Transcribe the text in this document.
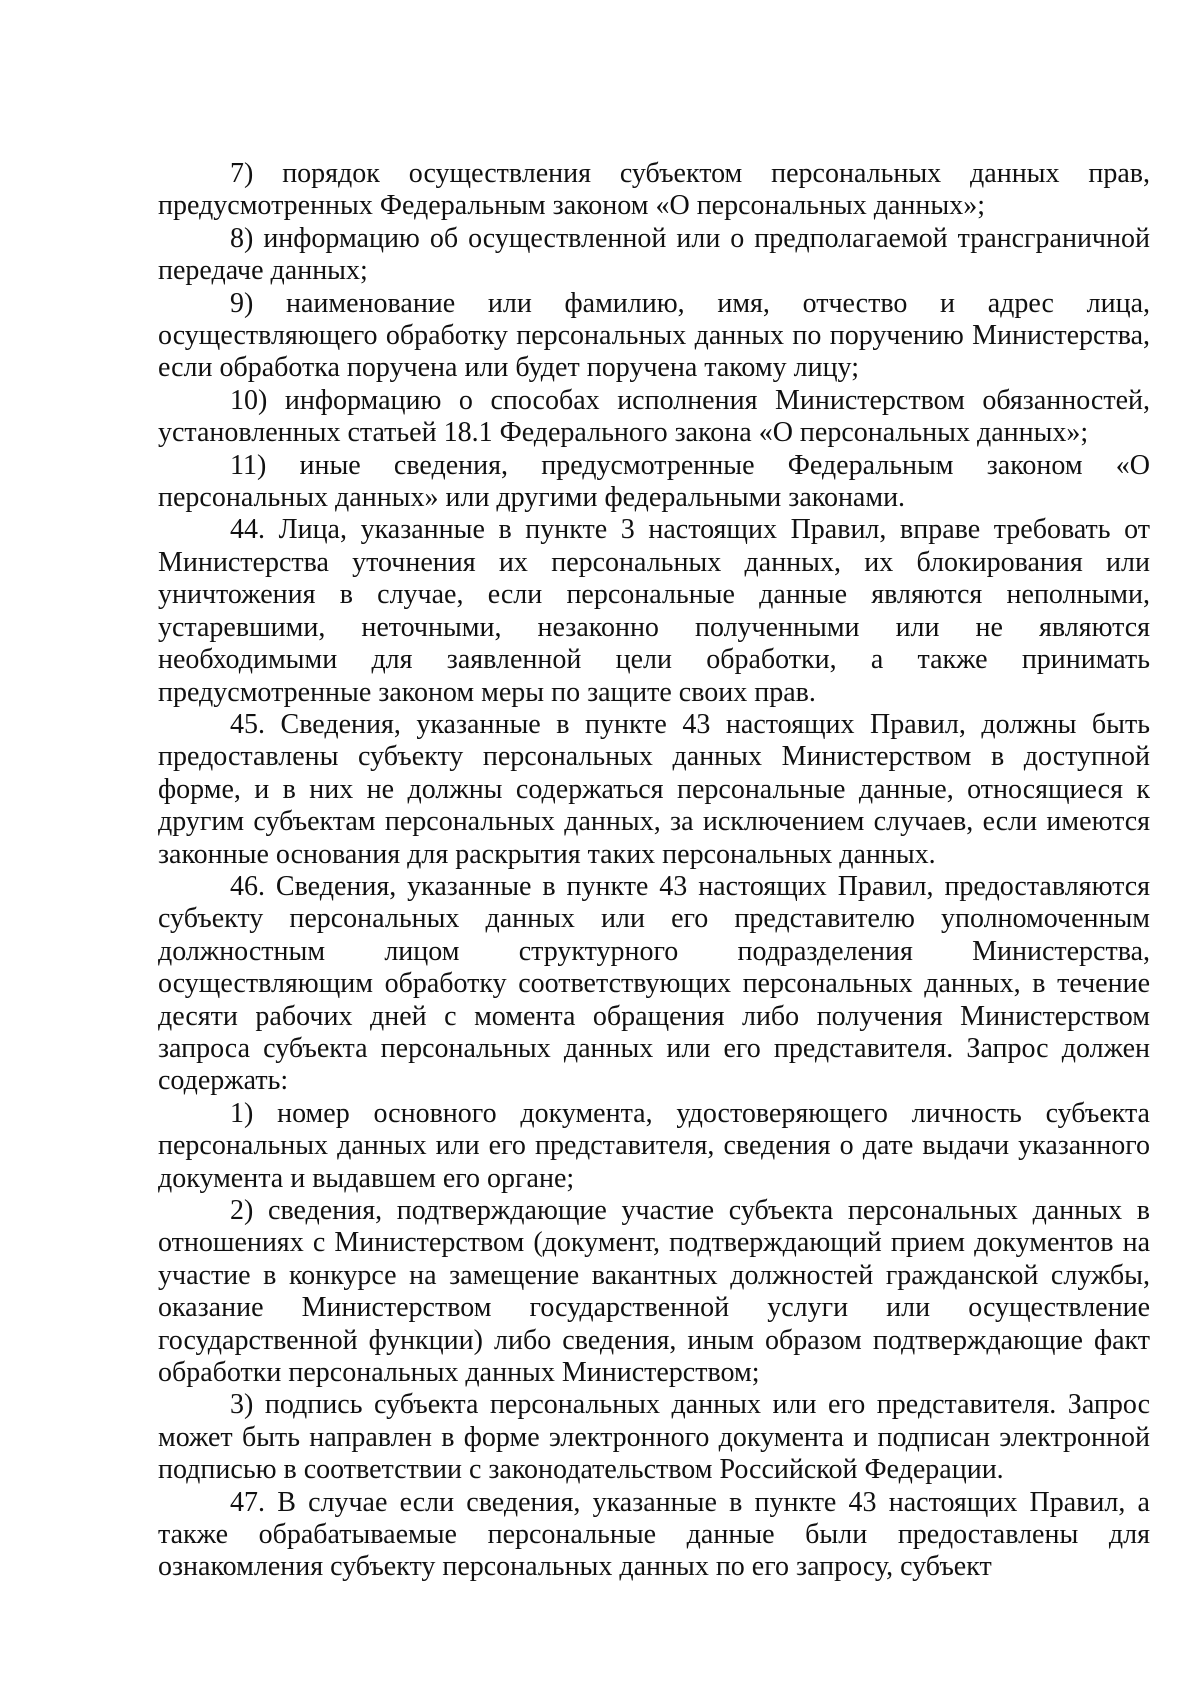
7) порядок осуществления субъектом персональных данных прав, предусмотренных Федеральным законом «О персональных данных»;

8) информацию об осуществленной или о предполагаемой трансграничной передаче данных;

9) наименование или фамилию, имя, отчество и адрес лица, осуществляющего обработку персональных данных по поручению Министерства, если обработка поручена или будет поручена такому лицу;

10) информацию о способах исполнения Министерством обязанностей, установленных статьей 18.1 Федерального закона «О персональных данных»;

11) иные сведения, предусмотренные Федеральным законом «О персональных данных» или другими федеральными законами.

44. Лица, указанные в пункте 3 настоящих Правил, вправе требовать от Министерства уточнения их персональных данных, их блокирования или уничтожения в случае, если персональные данные являются неполными, устаревшими, неточными, незаконно полученными или не являются необходимыми для заявленной цели обработки, а также принимать предусмотренные законом меры по защите своих прав.

45. Сведения, указанные в пункте 43 настоящих Правил, должны быть предоставлены субъекту персональных данных Министерством в доступной форме, и в них не должны содержаться персональные данные, относящиеся к другим субъектам персональных данных, за исключением случаев, если имеются законные основания для раскрытия таких персональных данных.

46. Сведения, указанные в пункте 43 настоящих Правил, предоставляются субъекту персональных данных или его представителю уполномоченным должностным лицом структурного подразделения Министерства, осуществляющим обработку соответствующих персональных данных, в течение десяти рабочих дней с момента обращения либо получения Министерством запроса субъекта персональных данных или его представителя. Запрос должен содержать:

1) номер основного документа, удостоверяющего личность субъекта персональных данных или его представителя, сведения о дате выдачи указанного документа и выдавшем его органе;

2) сведения, подтверждающие участие субъекта персональных данных в отношениях с Министерством (документ, подтверждающий прием документов на участие в конкурсе на замещение вакантных должностей гражданской службы, оказание Министерством государственной услуги или осуществление государственной функции) либо сведения, иным образом подтверждающие факт обработки персональных данных Министерством;

3) подпись субъекта персональных данных или его представителя. Запрос может быть направлен в форме электронного документа и подписан электронной подписью в соответствии с законодательством Российской Федерации.

47. В случае если сведения, указанные в пункте 43 настоящих Правил, а также обрабатываемые персональные данные были предоставлены для ознакомления субъекту персональных данных по его запросу, субъект
